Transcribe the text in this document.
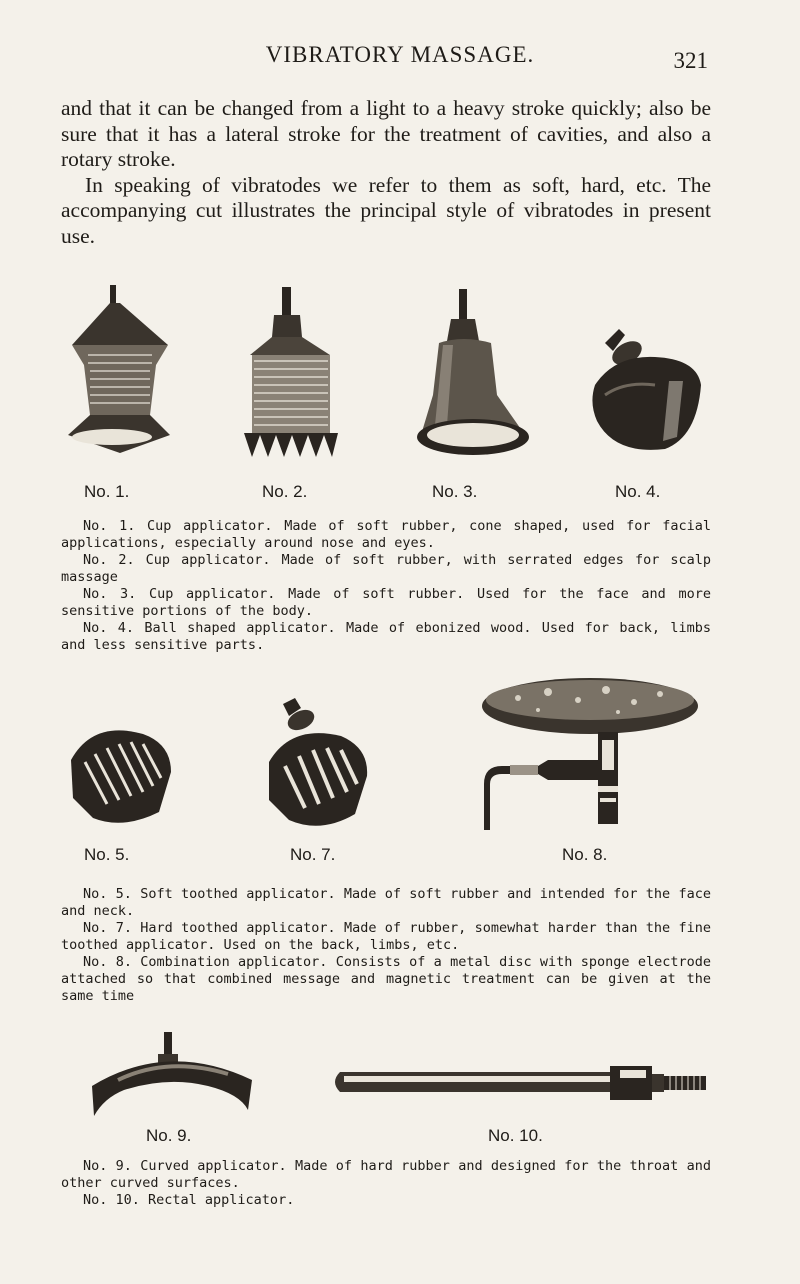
VIBRATORY MASSAGE.	321

and that it can be changed from a light to a heavy stroke quickly; also be sure that it has a lateral stroke for the treatment of cavities, and also a rotary stroke.

In speaking of vibratodes we refer to them as soft, hard, etc. The accompanying cut illustrates the principal style of vibratodes in present use.

No. 1.	No. 2.	No. 3.	No. 4.

No. 1. Cup applicator. Made of soft rubber, cone shaped, used for facial applications, especially around nose and eyes.

No. 2. Cup applicator. Made of soft rubber, with serrated edges for scalp massage

No. 3. Cup applicator. Made of soft rubber. Used for the face and more sensitive portions of the body.

No. 4. Ball shaped applicator. Made of ebonized wood. Used for back, limbs and less sensitive parts.

No. 5.	No. 7.	No. 8.

No. 5. Soft toothed applicator. Made of soft rubber and intended for the face and neck.

No. 7. Hard toothed applicator. Made of rubber, somewhat harder than the fine toothed applicator. Used on the back, limbs, etc.

No. 8. Combination applicator. Consists of a metal disc with sponge electrode attached so that combined message and magnetic treatment can be given at the same time

No. 9.	No. 10.

No. 9. Curved applicator. Made of hard rubber and designed for the throat and other curved surfaces.

No. 10. Rectal applicator.
